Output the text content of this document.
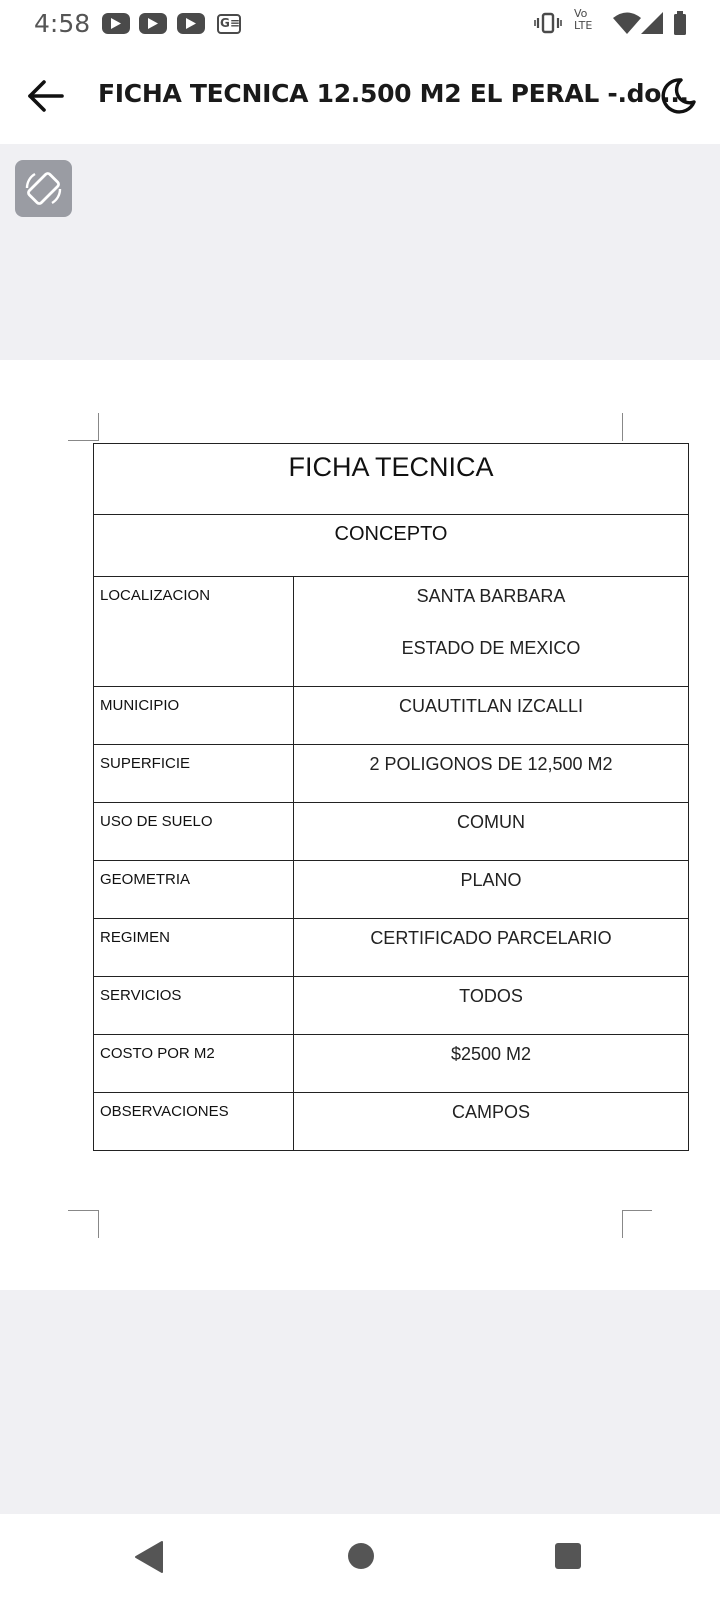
4:58	G≡
Vo
LTE
FICHA TECNICA 12.500 M2 EL PERAL -.do...
FICHA TECNICA	
CONCEPTO	
LOCALIZACION	SANTA BARBARA
ESTADO DE MEXICO

MUNICIPIO	CUAUTITLAN IZCALLI
SUPERFICIE	2 POLIGONOS DE 12,500 M2
USO DE SUELO	COMUN
GEOMETRIA	PLANO
REGIMEN	CERTIFICADO PARCELARIO
SERVICIOS	TODOS
COSTO POR M2	$2500 M2
OBSERVACIONES	CAMPOS
